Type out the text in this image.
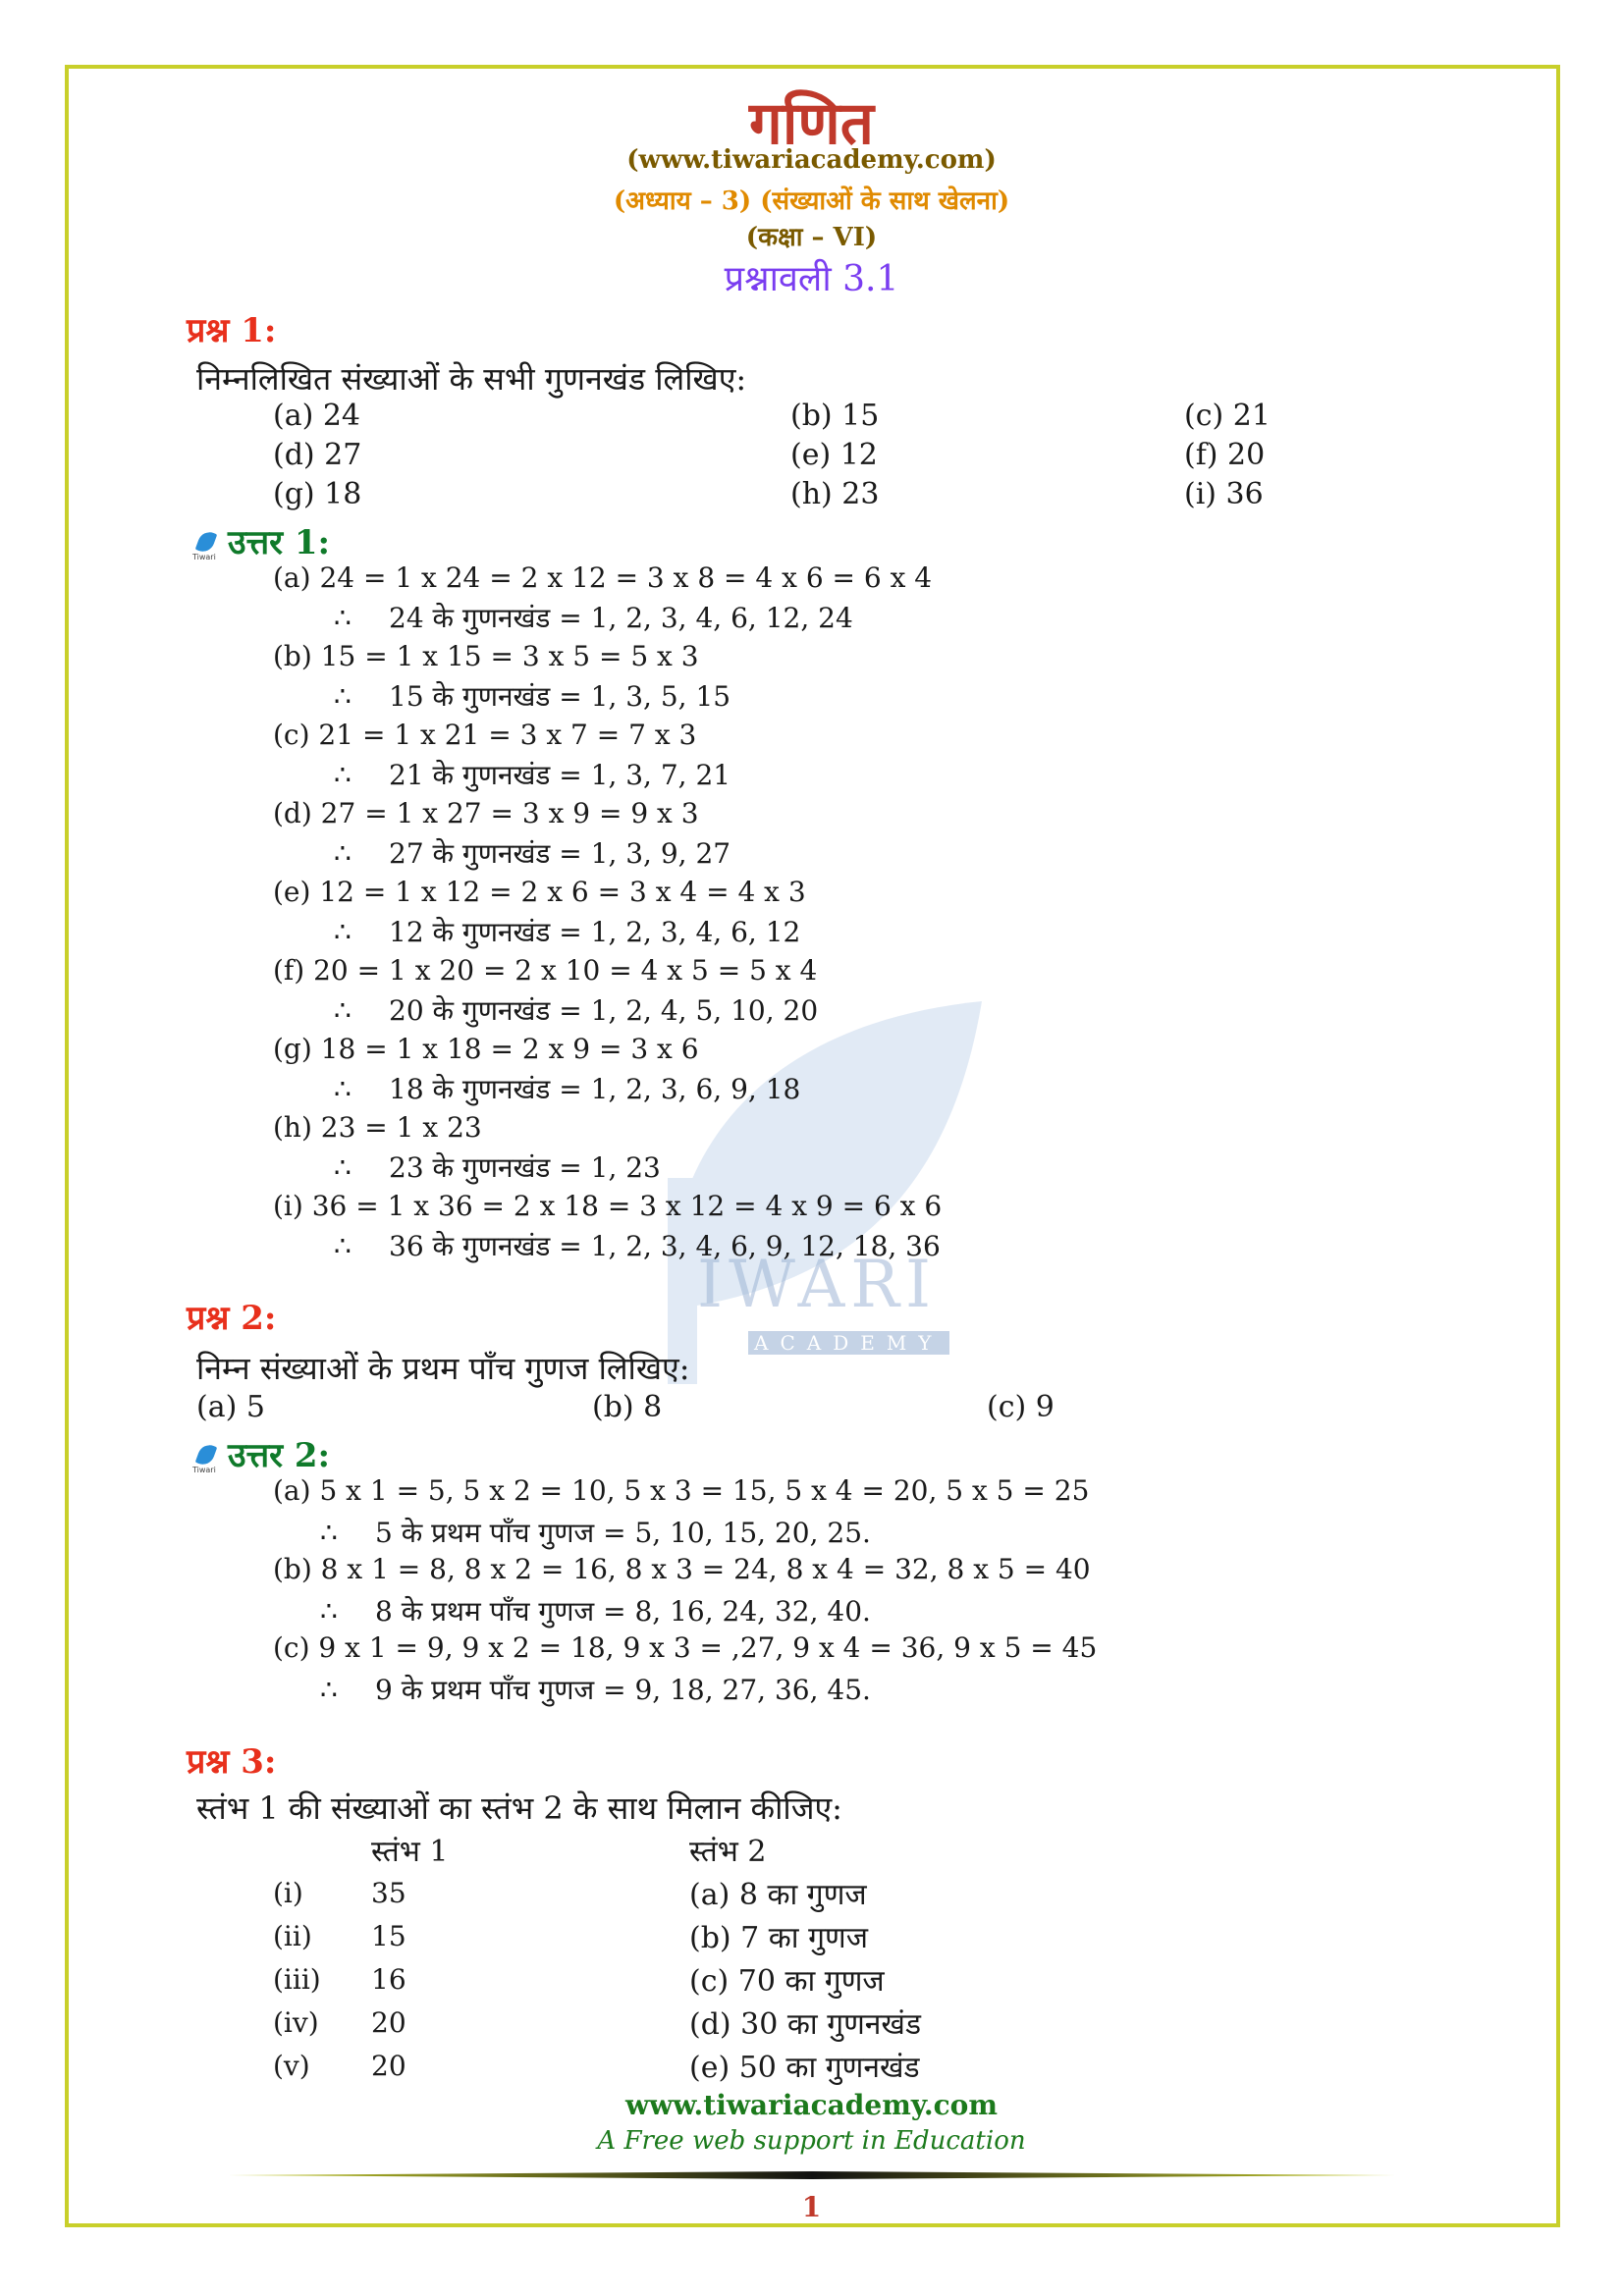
IWARI
ACADEMY
गणित
(www.tiwariacademy.com)
(अध्याय – 3) (संख्याओं के साथ खेलना)
(कक्षा – VI)
प्रश्नावली 3.1
प्रश्न 1:
निम्नलिखित संख्याओं के सभी गुणनखंड लिखिए:
(a) 24	(b) 15	(c) 21
(d) 27	(e) 12	(f) 20
(g) 18	(h) 23	(i) 36
Tiwari उत्तर 1:
(a) 24 = 1 x 24 = 2 x 12 = 3 x 8 = 4 x 6 = 6 x 4
∴ 24 के गुणनखंड = 1, 2, 3, 4, 6, 12, 24
(b) 15 = 1 x 15 = 3 x 5 = 5 x 3
∴ 15 के गुणनखंड = 1, 3, 5, 15
(c) 21 = 1 x 21 = 3 x 7 = 7 x 3
∴ 21 के गुणनखंड = 1, 3, 7, 21
(d) 27 = 1 x 27 = 3 x 9 = 9 x 3
∴ 27 के गुणनखंड = 1, 3, 9, 27
(e) 12 = 1 x 12 = 2 x 6 = 3 x 4 = 4 x 3
∴ 12 के गुणनखंड = 1, 2, 3, 4, 6, 12
(f) 20 = 1 x 20 = 2 x 10 = 4 x 5 = 5 x 4
∴ 20 के गुणनखंड = 1, 2, 4, 5, 10, 20
(g) 18 = 1 x 18 = 2 x 9 = 3 x 6
∴ 18 के गुणनखंड = 1, 2, 3, 6, 9, 18
(h) 23 = 1 x 23
∴ 23 के गुणनखंड = 1, 23
(i) 36 = 1 x 36 = 2 x 18 = 3 x 12 = 4 x 9 = 6 x 6
∴ 36 के गुणनखंड = 1, 2, 3, 4, 6, 9, 12, 18, 36
प्रश्न 2:
निम्न संख्याओं के प्रथम पाँच गुणज लिखिए:
(a) 5	(b) 8	(c) 9
Tiwari उत्तर 2:
(a) 5 x 1 = 5, 5 x 2 = 10, 5 x 3 = 15, 5 x 4 = 20, 5 x 5 = 25
∴ 5 के प्रथम पाँच गुणज = 5, 10, 15, 20, 25.
(b) 8 x 1 = 8, 8 x 2 = 16, 8 x 3 = 24, 8 x 4 = 32, 8 x 5 = 40
∴ 8 के प्रथम पाँच गुणज = 8, 16, 24, 32, 40.
(c) 9 x 1 = 9, 9 x 2 = 18, 9 x 3 = ,27, 9 x 4 = 36, 9 x 5 = 45
∴ 9 के प्रथम पाँच गुणज = 9, 18, 27, 36, 45.
प्रश्न 3:
स्तंभ 1 की संख्याओं का स्तंभ 2 के साथ मिलान कीजिए:
स्तंभ 1	स्तंभ 2
(i) 35	(a) 8 का गुणज
(ii) 15	(b) 7 का गुणज
(iii) 16	(c) 70 का गुणज
(iv) 20	(d) 30 का गुणनखंड
(v) 20	(e) 50 का गुणनखंड
www.tiwariacademy.com
A Free web support in Education
1
